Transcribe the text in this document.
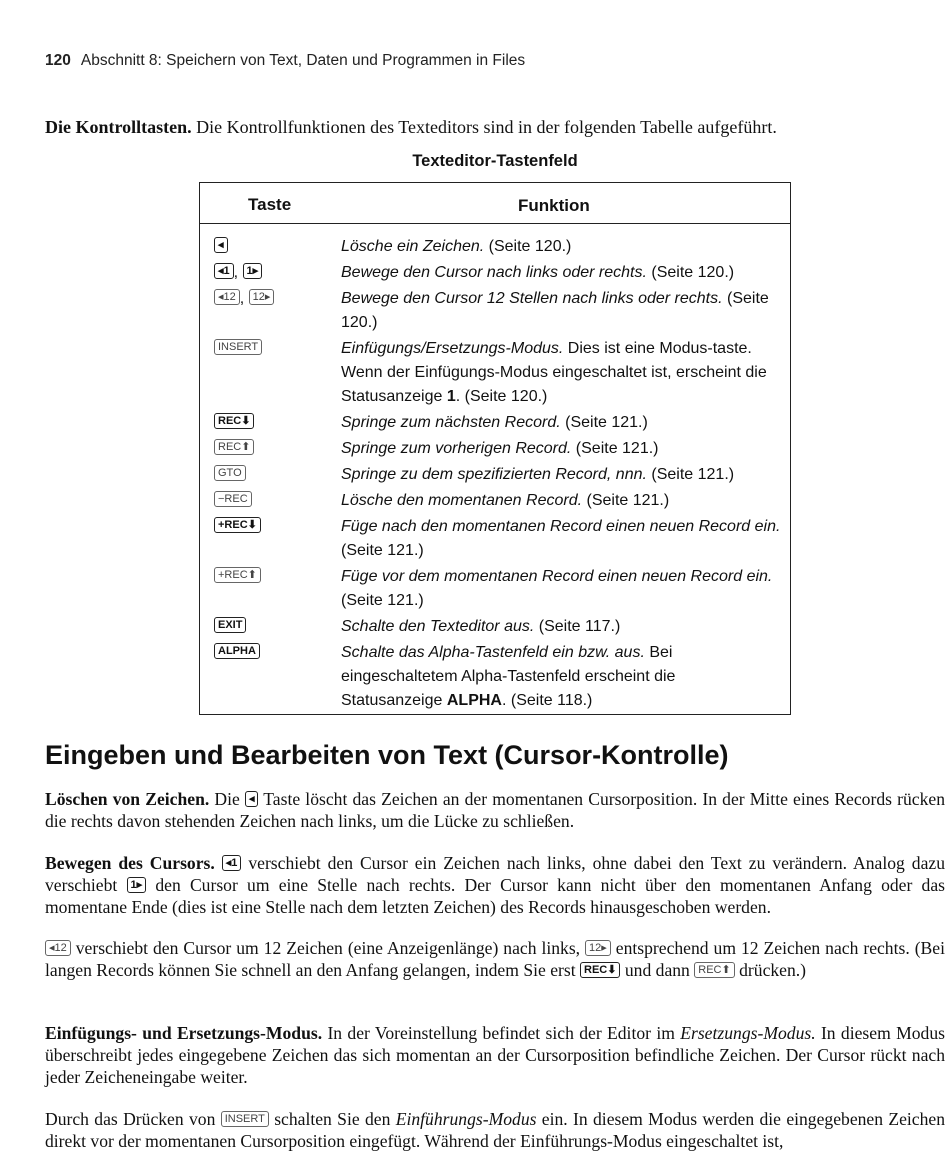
120 Abschnitt 8: Speichern von Text, Daten und Programmen in Files
Die Kontrolltasten. Die Kontrollfunktionen des Texteditors sind in der folgenden Tabelle aufgeführt.
Texteditor-Tastenfeld
Taste	Funktion
◂	Lösche ein Zeichen. (Seite 120.)
◂1 , 1▸	Bewege den Cursor nach links oder rechts. (Seite 120.)
◂12 , 12▸	Bewege den Cursor 12 Stellen nach links oder rechts. (Seite 120.)
INSERT	Einfügungs/Ersetzungs-Modus. Dies ist eine Modus-taste. Wenn der Einfügungs-Modus eingeschaltet ist, erscheint die Statusanzeige 1. (Seite 120.)
REC⬇	Springe zum nächsten Record. (Seite 121.)
REC⬆	Springe zum vorherigen Record. (Seite 121.)
GTO	Springe zu dem spezifizierten Record, nnn. (Seite 121.)
−REC	Lösche den momentanen Record. (Seite 121.)
+REC⬇	Füge nach den momentanen Record einen neuen Record ein. (Seite 121.)
+REC⬆	Füge vor dem momentanen Record einen neuen Record ein. (Seite 121.)
EXIT	Schalte den Texteditor aus. (Seite 117.)
ALPHA	Schalte das Alpha-Tastenfeld ein bzw. aus. Bei eingeschaltetem Alpha-Tastenfeld erscheint die Statusanzeige ALPHA. (Seite 118.)
Eingeben und Bearbeiten von Text (Cursor-Kontrolle)
Löschen von Zeichen. Die ◂ Taste löscht das Zeichen an der momentanen Cursorposition. In der Mitte eines Records rücken die rechts davon stehenden Zeichen nach links, um die Lücke zu schließen.
Bewegen des Cursors. ◂1 verschiebt den Cursor ein Zeichen nach links, ohne dabei den Text zu verändern. Analog dazu verschiebt 1▸ den Cursor um eine Stelle nach rechts. Der Cursor kann nicht über den momentanen Anfang oder das momentane Ende (dies ist eine Stelle nach dem letzten Zeichen) des Records hinausgeschoben werden.
◂12 verschiebt den Cursor um 12 Zeichen (eine Anzeigenlänge) nach links, 12▸ entsprechend um 12 Zeichen nach rechts. (Bei langen Records können Sie schnell an den Anfang gelangen, indem Sie erst REC⬇ und dann REC⬆ drücken.)
Einfügungs- und Ersetzungs-Modus. In der Voreinstellung befindet sich der Editor im Ersetzungs-Modus. In diesem Modus überschreibt jedes eingegebene Zeichen das sich momentan an der Cursorposition befindliche Zeichen. Der Cursor rückt nach jeder Zeicheneingabe weiter.
Durch das Drücken von INSERT schalten Sie den Einführungs-Modus ein. In diesem Modus werden die eingegebenen Zeichen direkt vor der momentanen Cursorposition eingefügt. Während der Einführungs-Modus eingeschaltet ist,
